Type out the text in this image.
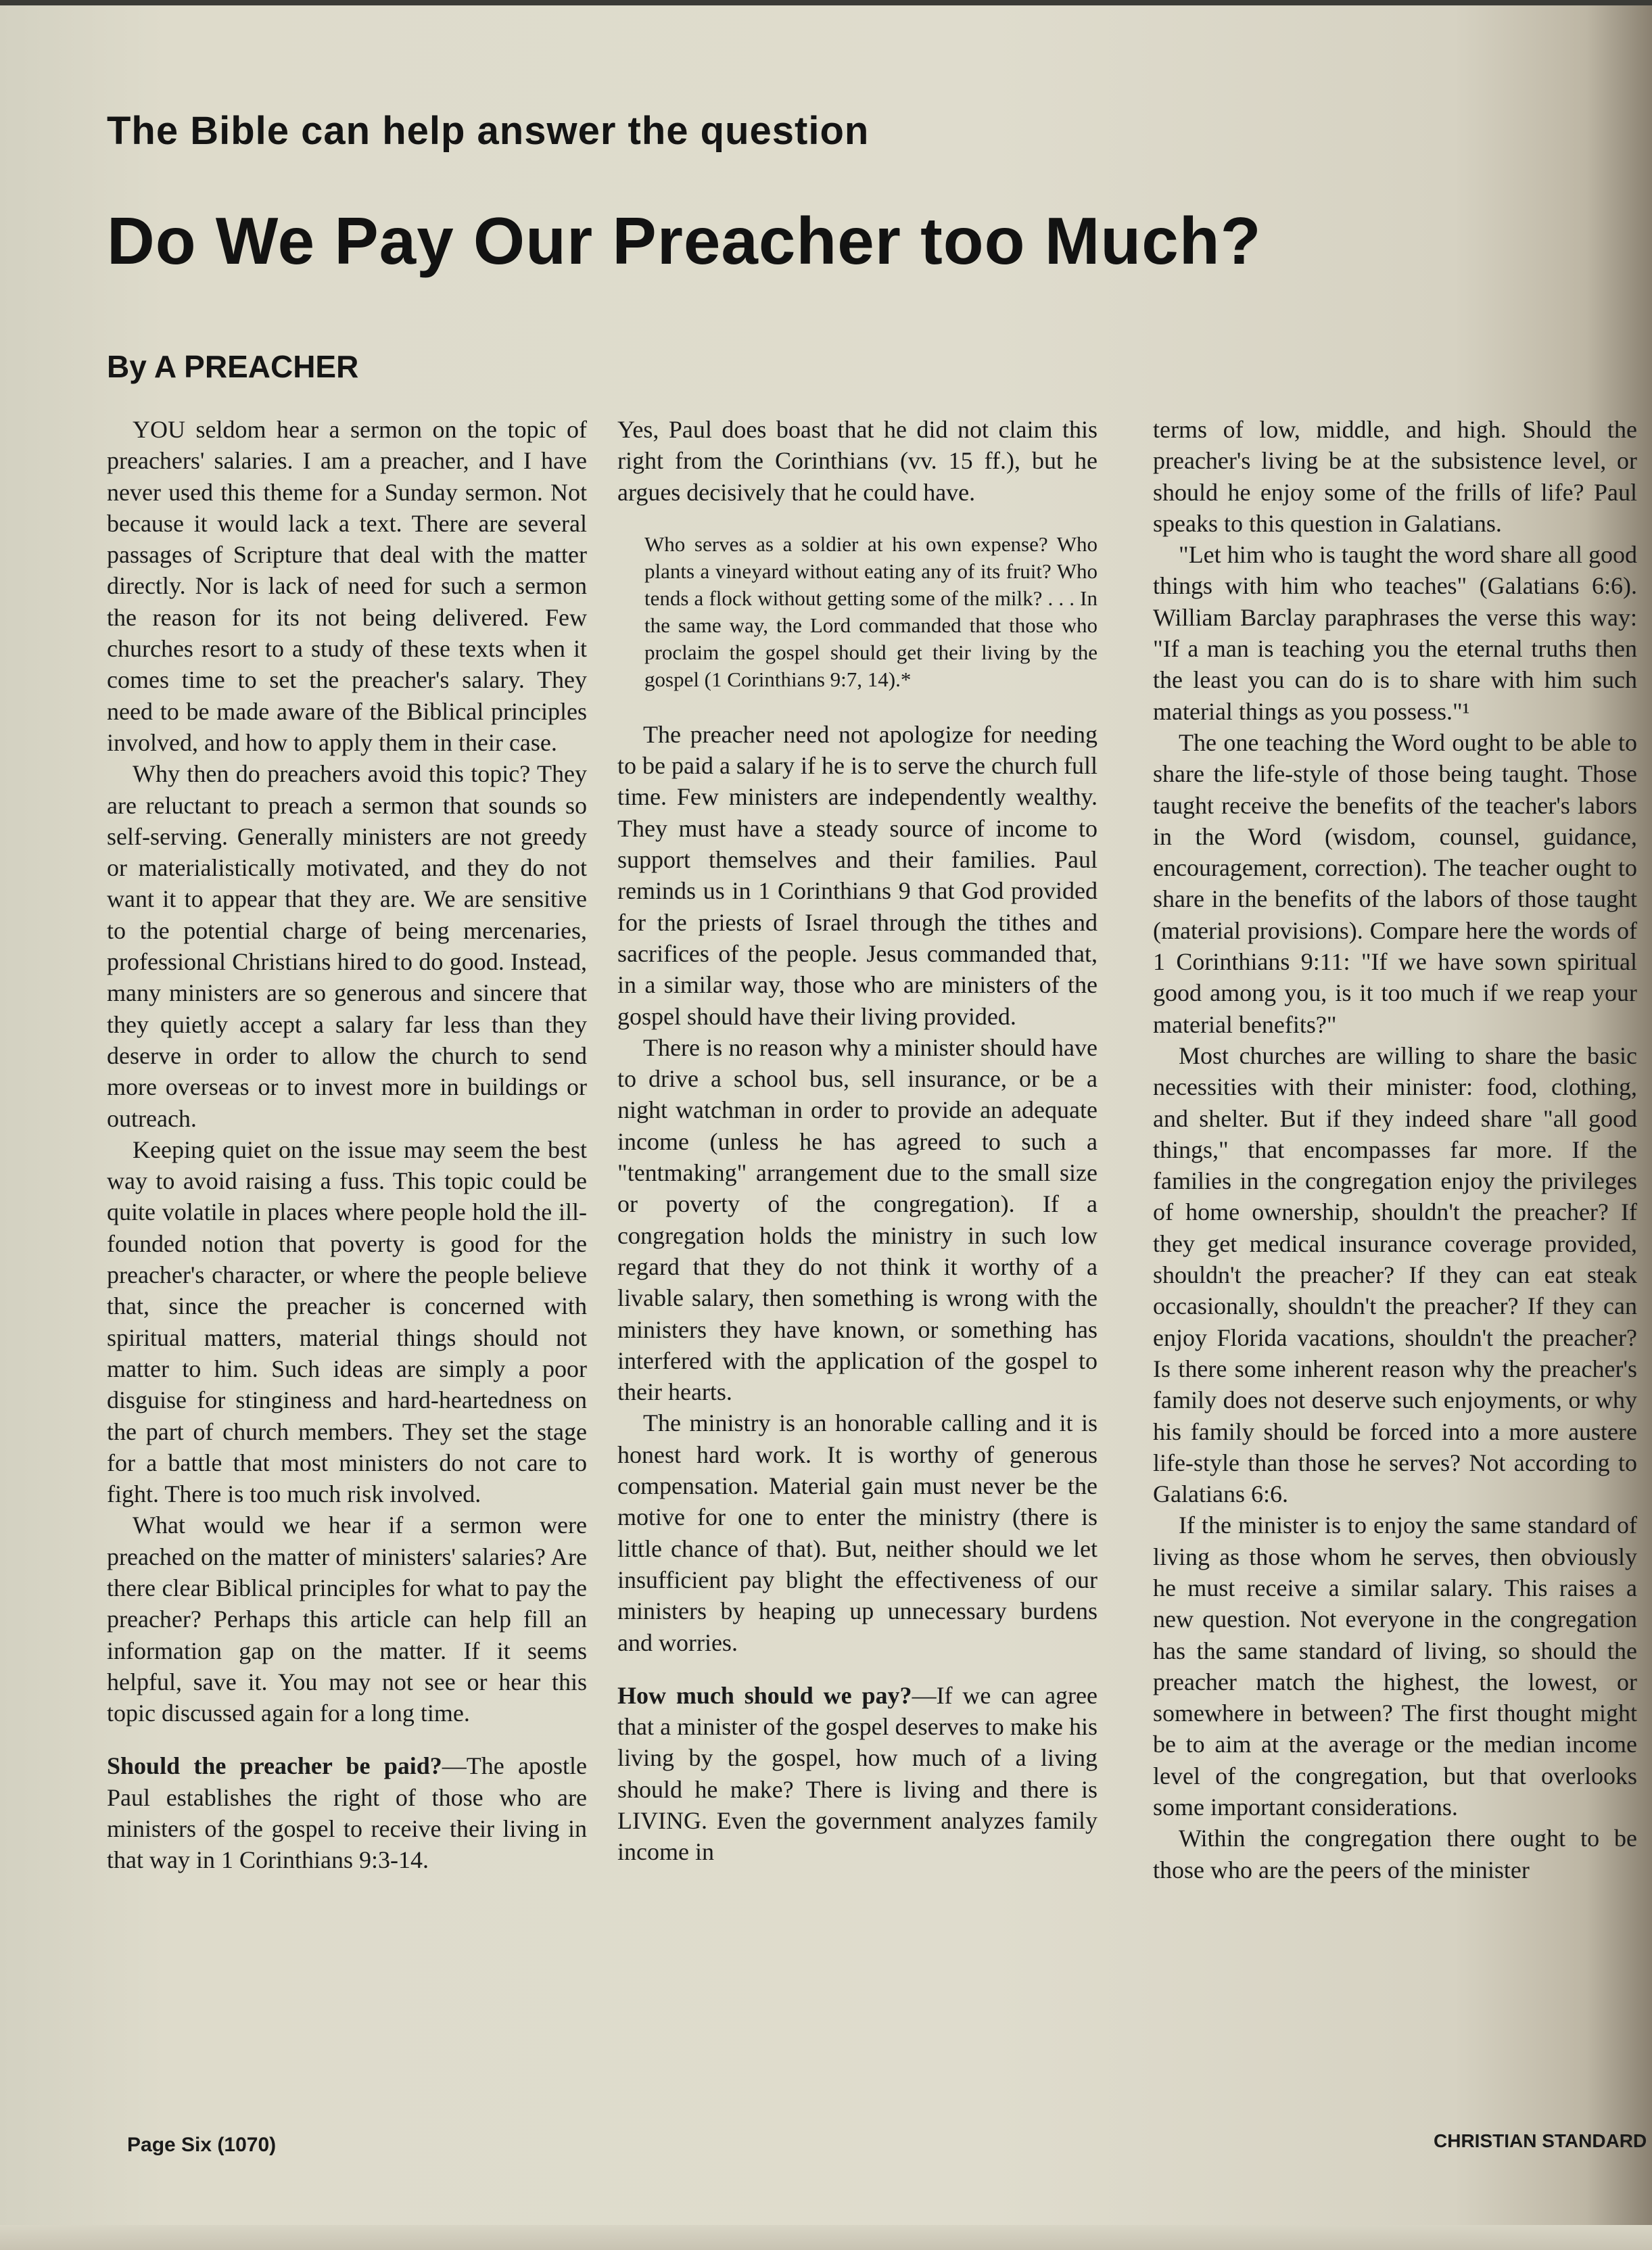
The Bible can help answer the question
Do We Pay Our Preacher too Much?
By A PREACHER

YOU seldom hear a sermon on the topic of preachers' salaries. I am a preacher, and I have never used this theme for a Sunday sermon. Not because it would lack a text. There are several passages of Scripture that deal with the matter directly. Nor is lack of need for such a sermon the reason for its not being delivered. Few churches resort to a study of these texts when it comes time to set the preacher's salary. They need to be made aware of the Biblical principles involved, and how to apply them in their case.

Why then do preachers avoid this topic? They are reluctant to preach a sermon that sounds so self-serving. Generally ministers are not greedy or materialistically motivated, and they do not want it to appear that they are. We are sensitive to the potential charge of being mercenaries, professional Christians hired to do good. Instead, many ministers are so generous and sincere that they quietly accept a salary far less than they deserve in order to allow the church to send more overseas or to invest more in buildings or outreach.

Keeping quiet on the issue may seem the best way to avoid raising a fuss. This topic could be quite volatile in places where people hold the ill-founded notion that poverty is good for the preacher's character, or where the people believe that, since the preacher is concerned with spiritual matters, material things should not matter to him. Such ideas are simply a poor disguise for stinginess and hard-heartedness on the part of church members. They set the stage for a battle that most ministers do not care to fight. There is too much risk involved.

What would we hear if a sermon were preached on the matter of ministers' salaries? Are there clear Biblical principles for what to pay the preacher? Perhaps this article can help fill an information gap on the matter. If it seems helpful, save it. You may not see or hear this topic discussed again for a long time.

Should the preacher be paid?—The apostle Paul establishes the right of those who are ministers of the gospel to receive their living in that way in 1 Corinthians 9:3-14.

Yes, Paul does boast that he did not claim this right from the Corinthians (vv. 15 ff.), but he argues decisively that he could have.

Who serves as a soldier at his own expense? Who plants a vineyard without eating any of its fruit? Who tends a flock without getting some of the milk? . . . In the same way, the Lord commanded that those who proclaim the gospel should get their living by the gospel (1 Corinthians 9:7, 14).*

The preacher need not apologize for needing to be paid a salary if he is to serve the church full time. Few ministers are independently wealthy. They must have a steady source of income to support themselves and their families. Paul reminds us in 1 Corinthians 9 that God provided for the priests of Israel through the tithes and sacrifices of the people. Jesus commanded that, in a similar way, those who are ministers of the gospel should have their living provided.

There is no reason why a minister should have to drive a school bus, sell insurance, or be a night watchman in order to provide an adequate income (unless he has agreed to such a "tentmaking" arrangement due to the small size or poverty of the congregation). If a congregation holds the ministry in such low regard that they do not think it worthy of a livable salary, then something is wrong with the ministers they have known, or something has interfered with the application of the gospel to their hearts.

The ministry is an honorable calling and it is honest hard work. It is worthy of generous compensation. Material gain must never be the motive for one to enter the ministry (there is little chance of that). But, neither should we let insufficient pay blight the effectiveness of our ministers by heaping up unnecessary burdens and worries.

How much should we pay?—If we can agree that a minister of the gospel deserves to make his living by the gospel, how much of a living should he make? There is living and there is LIVING. Even the government analyzes family income in

terms of low, middle, and high. Should the preacher's living be at the subsistence level, or should he enjoy some of the frills of life? Paul speaks to this question in Galatians.

"Let him who is taught the word share all good things with him who teaches" (Galatians 6:6). William Barclay paraphrases the verse this way: "If a man is teaching you the eternal truths then the least you can do is to share with him such material things as you possess."¹

The one teaching the Word ought to be able to share the life-style of those being taught. Those taught receive the benefits of the teacher's labors in the Word (wisdom, counsel, guidance, encouragement, correction). The teacher ought to share in the benefits of the labors of those taught (material provisions). Compare here the words of 1 Corinthians 9:11: "If we have sown spiritual good among you, is it too much if we reap your material benefits?"

Most churches are willing to share the basic necessities with their minister: food, clothing, and shelter. But if they indeed share "all good things," that encompasses far more. If the families in the congregation enjoy the privileges of home ownership, shouldn't the preacher? If they get medical insurance coverage provided, shouldn't the preacher? If they can eat steak occasionally, shouldn't the preacher? If they can enjoy Florida vacations, shouldn't the preacher? Is there some inherent reason why the preacher's family does not deserve such enjoyments, or why his family should be forced into a more austere life-style than those he serves? Not according to Galatians 6:6.

If the minister is to enjoy the same standard of living as those whom he serves, then obviously he must receive a similar salary. This raises a new question. Not everyone in the congregation has the same standard of living, so should the preacher match the highest, the lowest, or somewhere in between? The first thought might be to aim at the average or the median income level of the congregation, but that overlooks some important considerations.

Within the congregation there ought to be those who are the peers of the minister

Page Six (1070)	CHRISTIAN STANDARD
